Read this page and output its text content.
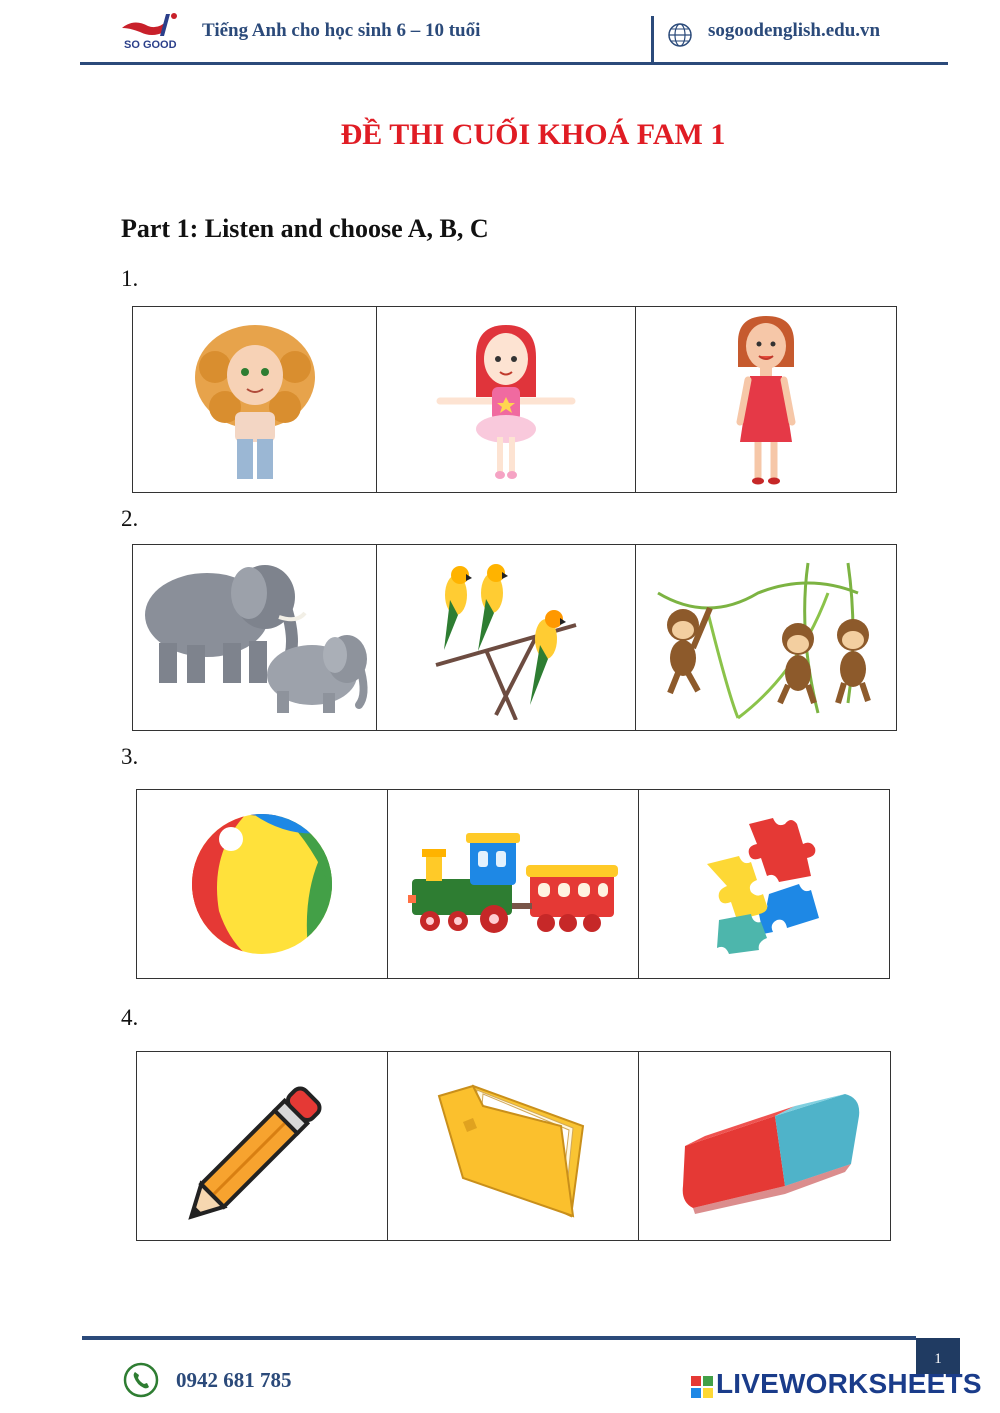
SO GOOD
Tiếng Anh cho học sinh 6 – 10 tuổi	sogoodenglish.edu.vn
ĐỀ THI CUỐI KHOÁ FAM 1
Part 1: Listen and choose A, B, C
1.
2.
3.
4.
1
0942 681 785	LIVEWORKSHEETS
